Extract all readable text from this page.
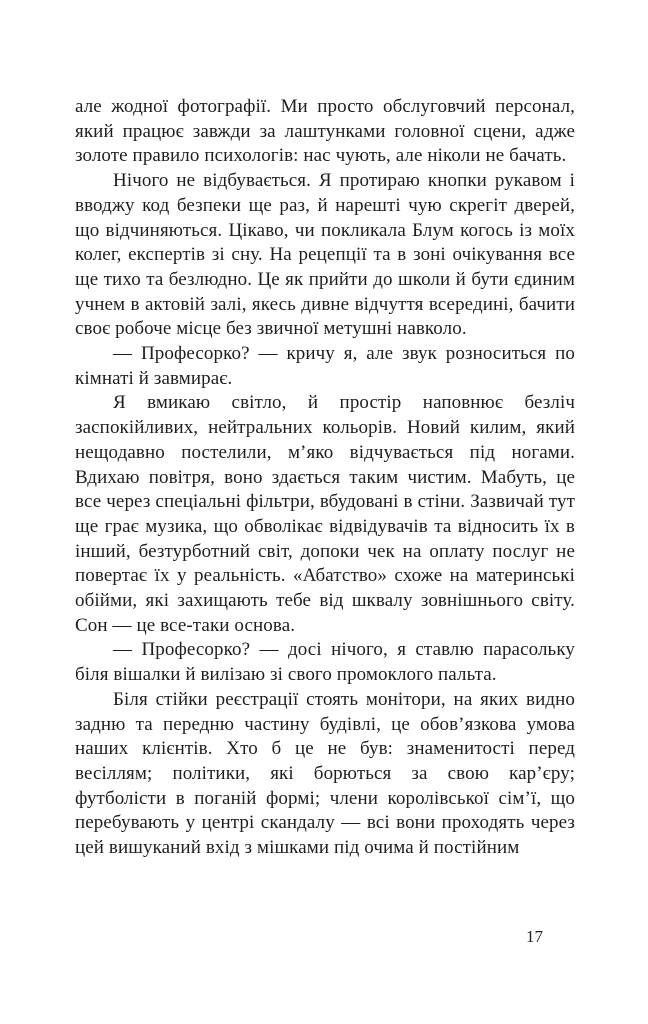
але жодної фотографії. Ми просто обслуговчий персонал, який працює завжди за лаштунками головної сцени, адже золоте правило психологів: нас чують, але ніколи не бачать.

Нічого не відбувається. Я протираю кнопки рукавом і вводжу код безпеки ще раз, й нарешті чую скрегіт дверей, що відчиняються. Цікаво, чи покликала Блум когось із моїх колег, експертів зі сну. На рецепції та в зоні очікування все ще тихо та безлюдно. Це як прийти до школи й бути єдиним учнем в актовій залі, якесь дивне відчуття всередині, бачити своє робоче місце без звичної метушні навколо.

— Професорко? — кричу я, але звук розноситься по кімнаті й завмирає.

Я вмикаю світло, й простір наповнює безліч заспокійливих, нейтральних кольорів. Новий килим, який нещодавно постелили, м’яко відчувається під ногами. Вдихаю повітря, воно здається таким чистим. Мабуть, це все через спеціальні фільтри, вбудовані в стіни. Зазвичай тут ще грає музика, що обволікає відвідувачів та відносить їх в інший, безтурботний світ, допоки чек на оплату послуг не повертає їх у реальність. «Абатство» схоже на материнські обійми, які захищають тебе від шквалу зовнішнього світу. Сон — це все-таки основа.

— Професорко? — досі нічого, я ставлю парасольку біля вішалки й вилізаю зі свого промоклого пальта.

Біля стійки реєстрації стоять монітори, на яких видно задню та передню частину будівлі, це обов’язкова умова наших клієнтів. Хто б це не був: знаменитості перед весіллям; політики, які борються за свою кар’єру; футболісти в поганій формі; члени королівської сім’ї, що перебувають у центрі скандалу — всі вони проходять через цей вишуканий вхід з мішками під очима й постійним

17
